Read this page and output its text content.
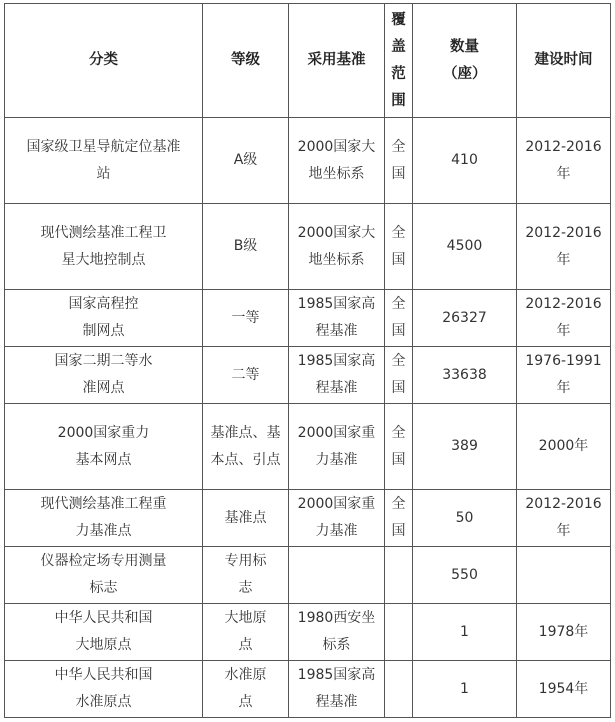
分类	等级	采用基准	覆盖范围	数量（座）	建设时间
国家级卫星导航定位基准站	A级	2000国家大地坐标系	全国	410	2012-2016年
现代测绘基准工程卫星大地控制点	B级	2000国家大地坐标系	全国	4500	2012-2016年
国家高程控制网点	一等	1985国家高程基准	全国	26327	2012-2016年
国家二期二等水准网点	二等	1985国家高程基准	全国	33638	1976-1991年
2000国家重力基本网点	基准点、基本点、引点	2000国家重力基准	全国	389	2000年
现代测绘基准工程重力基准点	基准点	2000国家重力基准	全国	50	2012-2016年
仪器检定场专用测量标志	专用标志			550	
中华人民共和国大地原点	大地原点	1980西安坐标系		1	1978年
中华人民共和国水准原点	水准原点	1985国家高程基准		1	1954年
